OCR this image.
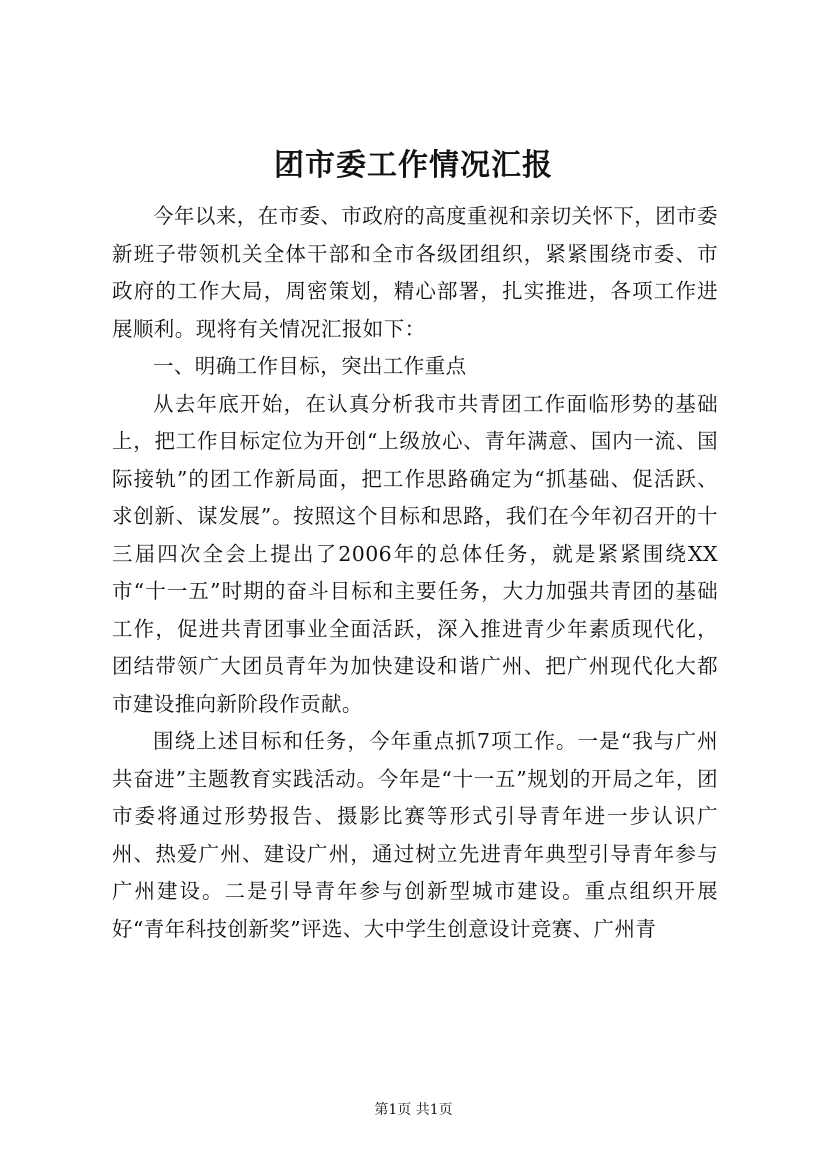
团市委工作情况汇报

今年以来，在市委、市政府的高度重视和亲切关怀下，团市委新班子带领机关全体干部和全市各级团组织，紧紧围绕市委、市政府的工作大局，周密策划，精心部署，扎实推进，各项工作进展顺利。现将有关情况汇报如下：

一、明确工作目标，突出工作重点

从去年底开始，在认真分析我市共青团工作面临形势的基础上，把工作目标定位为开创“上级放心、青年满意、国内一流、国际接轨”的团工作新局面，把工作思路确定为“抓基础、促活跃、求创新、谋发展”。按照这个目标和思路，我们在今年初召开的十三届四次全会上提出了2006年的总体任务，就是紧紧围绕XX市“十一五”时期的奋斗目标和主要任务，大力加强共青团的基础工作，促进共青团事业全面活跃，深入推进青少年素质现代化，团结带领广大团员青年为加快建设和谐广州、把广州现代化大都市建设推向新阶段作贡献。

围绕上述目标和任务，今年重点抓7项工作。一是“我与广州共奋进”主题教育实践活动。今年是“十一五”规划的开局之年，团市委将通过形势报告、摄影比赛等形式引导青年进一步认识广州、热爱广州、建设广州，通过树立先进青年典型引导青年参与广州建设。二是引导青年参与创新型城市建设。重点组织开展好“青年科技创新奖”评选、大中学生创意设计竞赛、广州青

第1页 共1页
